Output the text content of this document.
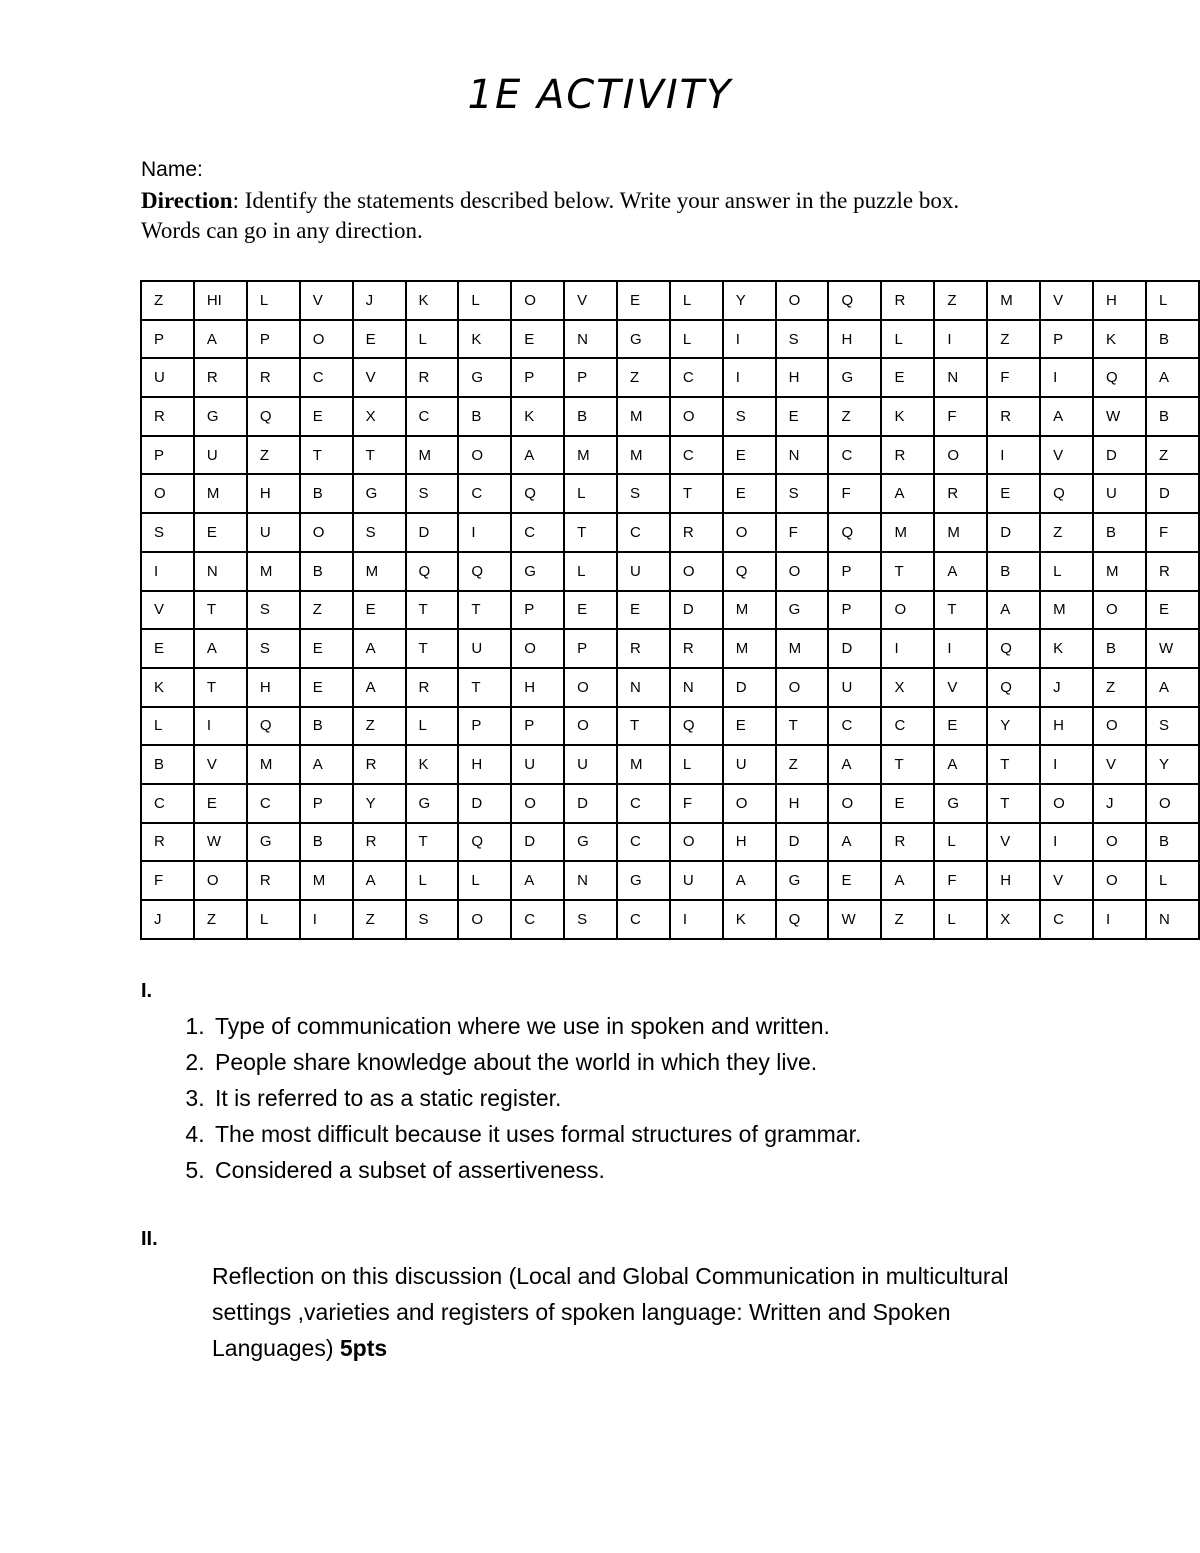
1E ACTIVITY
Name:
Direction: Identify the statements described below. Write your answer in the puzzle box. Words can go in any direction.
Z	HI	L	V	J	K	L	O	V	E	L	Y	O	Q	R	Z	M	V	H	L
P	A	P	O	E	L	K	E	N	G	L	I	S	H	L	I	Z	P	K	B
U	R	R	C	V	R	G	P	P	Z	C	I	H	G	E	N	F	I	Q	A
R	G	Q	E	X	C	B	K	B	M	O	S	E	Z	K	F	R	A	W	B
P	U	Z	T	T	M	O	A	M	M	C	E	N	C	R	O	I	V	D	Z
O	M	H	B	G	S	C	Q	L	S	T	E	S	F	A	R	E	Q	U	D
S	E	U	O	S	D	I	C	T	C	R	O	F	Q	M	M	D	Z	B	F
I	N	M	B	M	Q	Q	G	L	U	O	Q	O	P	T	A	B	L	M	R
V	T	S	Z	E	T	T	P	E	E	D	M	G	P	O	T	A	M	O	E
E	A	S	E	A	T	U	O	P	R	R	M	M	D	I	I	Q	K	B	W
K	T	H	E	A	R	T	H	O	N	N	D	O	U	X	V	Q	J	Z	A
L	I	Q	B	Z	L	P	P	O	T	Q	E	T	C	C	E	Y	H	O	S
B	V	M	A	R	K	H	U	U	M	L	U	Z	A	T	A	T	I	V	Y
C	E	C	P	Y	G	D	O	D	C	F	O	H	O	E	G	T	O	J	O
R	W	G	B	R	T	Q	D	G	C	O	H	D	A	R	L	V	I	O	B
F	O	R	M	A	L	L	A	N	G	U	A	G	E	A	F	H	V	O	L
J	Z	L	I	Z	S	O	C	S	C	I	K	Q	W	Z	L	X	C	I	N
I.
1. Type of communication where we use in spoken and written.
2. People share knowledge about the world in which they live.
3. It is referred to as a static register.
4. The most difficult because it uses formal structures of grammar.
5. Considered a subset of assertiveness.
II.
Reflection on this discussion (Local and Global Communication in multicultural settings ,varieties and registers of spoken language: Written and Spoken Languages) 5pts
